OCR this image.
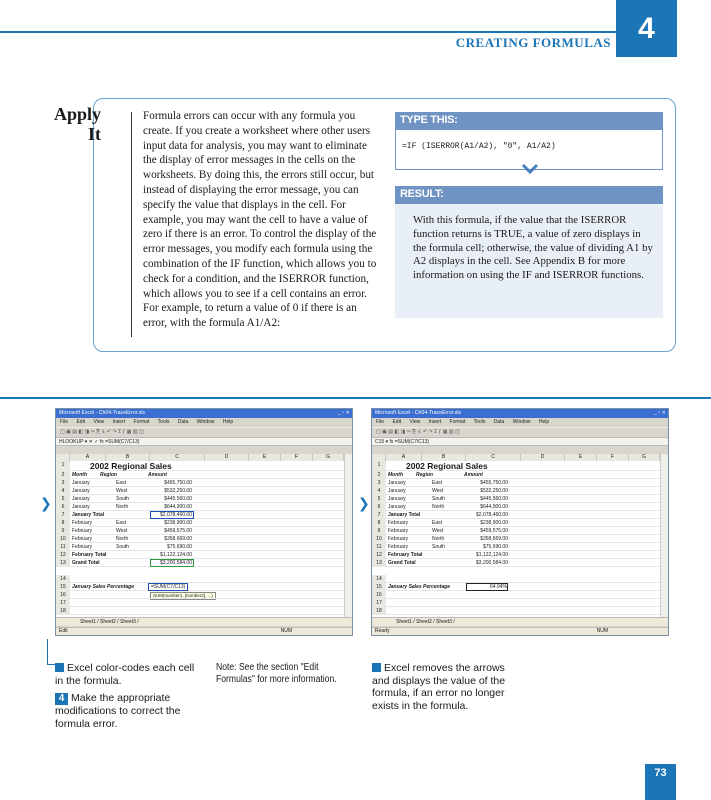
CREATING FORMULAS 4
Apply
It
Formula errors can occur with any formula you create. If you create a worksheet where other users input data for analysis, you may want to eliminate the display of error messages in the cells on the worksheets. By doing this, the errors still occur, but instead of displaying the error message, you can specify the value that displays in the cell. For example, you may want the cell to have a value of zero if there is an error. To control the display of the error messages, you modify each formula using the combination of the IF function, which allows you to check for a condition, and the ISERROR function, which allows you to see if a cell contains an error. For example, to return a value of 0 if there is an error, with the formula A1/A2:
TYPE THIS:
=IF (ISERROR(A1/A2), "0", A1/A2)
RESULT:
With this formula, if the value that the ISERROR function returns is TRUE, a value of zero displays in the formula cell; otherwise, the value of dividing A1 by A2 displays in the cell. See Appendix B for more information on using the IF and ISERROR functions.
Microsoft Excel - Ch04-TraceError.xls	_ ▫ ✕
File Edit View Insert Format Tools Data Window Help
▢ ▣ ▤ ◧ ◨ ✂ ⎘ ⎀ ↶ ↷ Σ ƒ ▦ ▥ ◫
HLOOKUP ▾ ✕ ✓ fx =SUM(C7/C13)
A	B	C	D	E	F	G
1	2002 Regional Sales
2	Month	Region	Amount
3	January	East	$455,750.00
4	January	West	$532,250.00
5	January	South	$445,560.00
6	January	North	$644,900.00
7	January Total	$2,078,460.00
8	February	East	$238,900.00
9	February	West	$459,575.00
10	February	North	$358,669.00
11	February	South	$75,690.00
12	February Total	$1,122,124.00
13	Grand Total	$3,200,584.00
14
15	January Sales Percentage	=SUM(C7/C13)
SUM(number1, [number2], ...)
16
17
18
Sheet1 / Sheet2 / Sheet3 /
Edit	NUM
Microsoft Excel - Ch04-TraceError.xls	_ ▫ ✕
File Edit View Insert Format Tools Data Window Help
▢ ▣ ▤ ◧ ◨ ✂ ⎘ ⎀ ↶ ↷ Σ ƒ ▦ ▥ ◫
C15 ▾ fx =SUM(C7/C13)
A	B	C	D	E	F	G
1	2002 Regional Sales
2	Month	Region	Amount
3	January	East	$455,750.00
4	January	West	$532,250.00
5	January	South	$445,560.00
6	January	North	$644,900.00
7	January Total	$2,078,460.00
8	February	East	$238,900.00
9	February	West	$459,575.00
10	February	North	$358,669.00
11	February	South	$75,690.00
12	February Total	$1,122,124.00
13	Grand Total	$3,200,584.00
14
15	January Sales Percentage	64.94%
16
17
18
Sheet1 / Sheet2 / Sheet3 /
Ready	NUM
❯	❯
Excel color-codes each cell in the formula.
4 Make the appropriate modifications to correct the formula error.
Note: See the section "Edit Formulas" for more information.
Excel removes the arrows and displays the value of the formula, if an error no longer exists in the formula.
73
